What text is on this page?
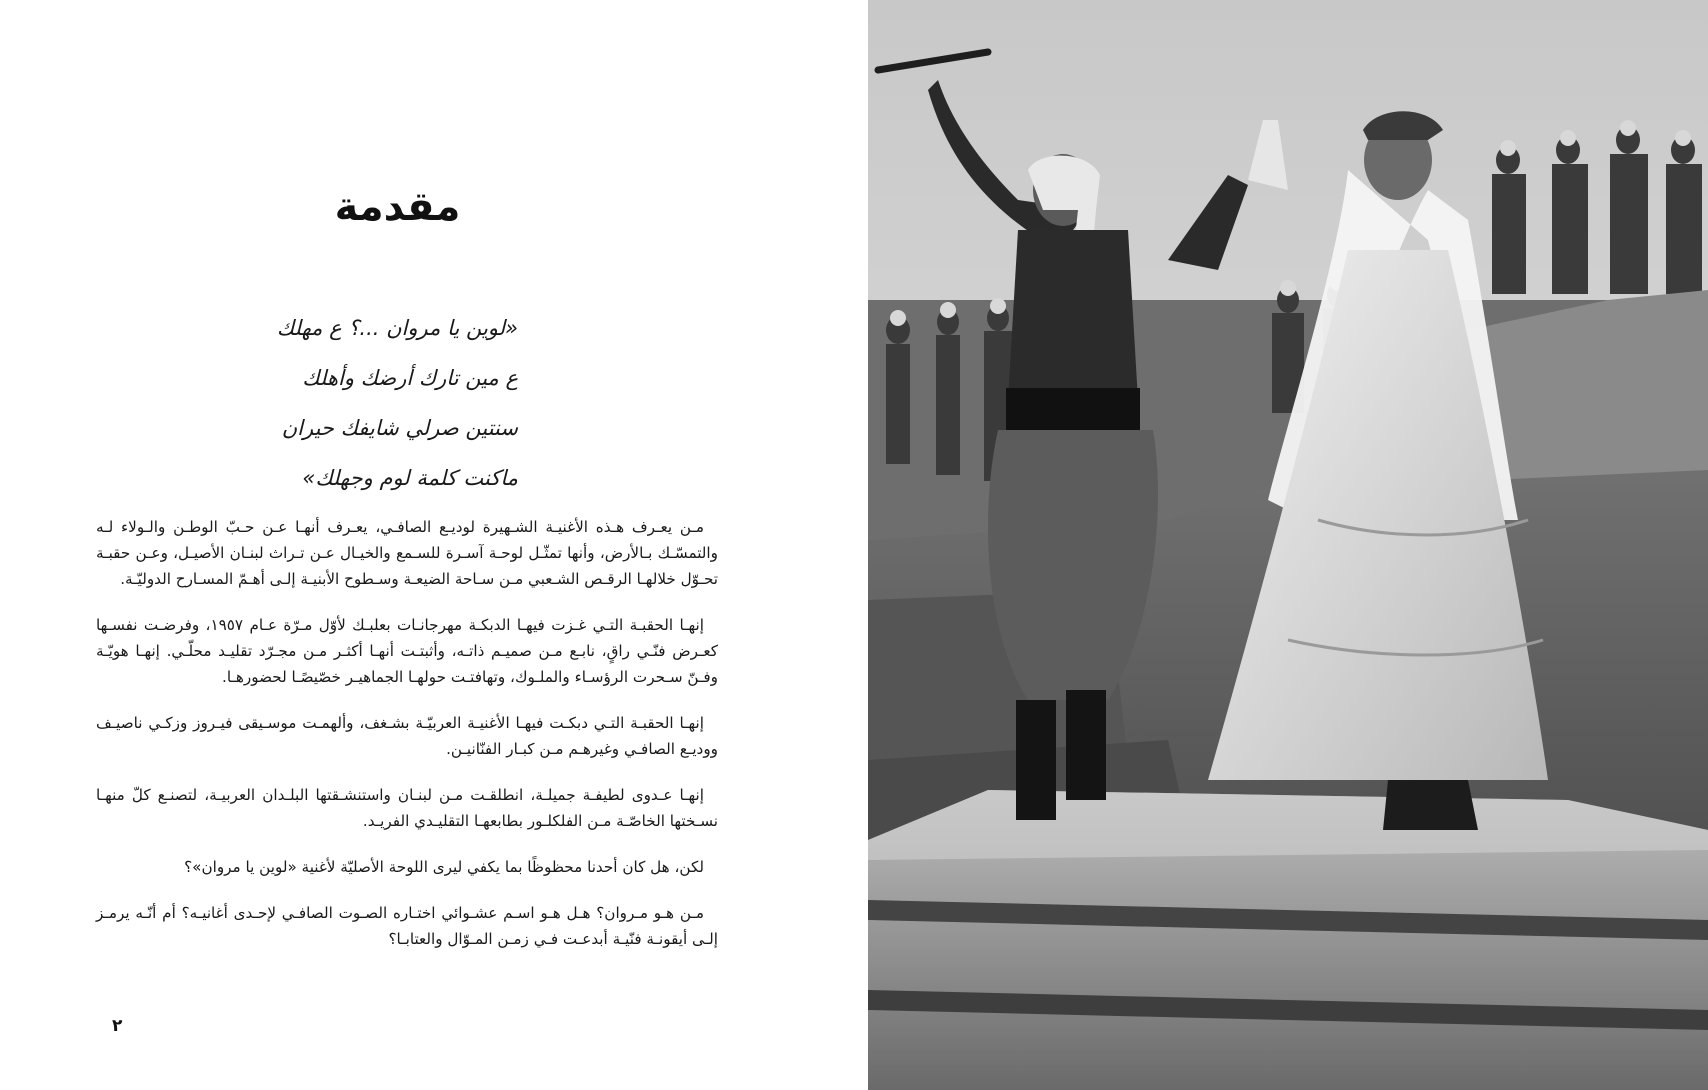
مقدمة
«لوين يا مروان ...؟ ع مهلك
ع مين تارك أرضك وأهلك
سنتين صرلي شايفك حيران
ماكنت كلمة لوم وجهلك»

مـن يعـرف هـذه الأغنيـة الشـهيرة لوديـع الصافـي، يعـرف أنهـا عـن حـبّ الوطـن والـولاء لـه والتمسّـك بـالأرض، وأنها تمثّـل لوحـة آسـرة للسـمع والخيـال عـن تـراث لبنـان الأصيـل، وعـن حقبـة تحـوّل خلالهـا الرقـص الشـعبي مـن سـاحة الضيعـة وسـطوح الأبنيـة إلـى أهـمّ المسـارح الدوليّـة.

إنهـا الحقبـة التـي غـزت فيهـا الدبكـة مهرجانـات بعلبـك لأوّل مـرّة عـام ١٩٥٧، وفرضـت نفسـها كعـرض فنّـي راقٍ، نابـع مـن صميـم ذاتـه، وأثبتـت أنهـا أكثـر مـن مجـرّد تقليـد محلّـي. إنهـا هويّـة وفـنّ سـحرت الرؤسـاء والملـوك، وتهافتـت حولهـا الجماهيـر خصّيصًـا لحضورهـا.

إنهـا الحقبـة التـي دبكـت فيهـا الأغنيـة العربيّـة بشـغف، وألهمـت موسـيقى فيـروز وزكـي ناصيـف ووديـع الصافـي وغيرهـم مـن كبـار الفنّانيـن.

إنهـا عـدوى لطيفـة جميلـة، انطلقـت مـن لبنـان واستنشـقتها البلـدان العربيـة، لتصنـع كلّ منهـا نسـختها الخاصّـة مـن الفلكلـور بطابعهـا التقليـدي الفريـد.

لكن، هل كان أحدنا محظوظًا بما يكفي ليرى اللوحة الأصليّة لأغنية «لوين يا مروان»؟

مـن هـو مـروان؟ هـل هـو اسـم عشـوائي اختـاره الصـوت الصافـي لإحـدى أغانيـه؟ أم أنّـه يرمـز إلـى أيقونـة فنّيـة أبدعـت فـي زمـن المـوّال والعتابـا؟

٢
